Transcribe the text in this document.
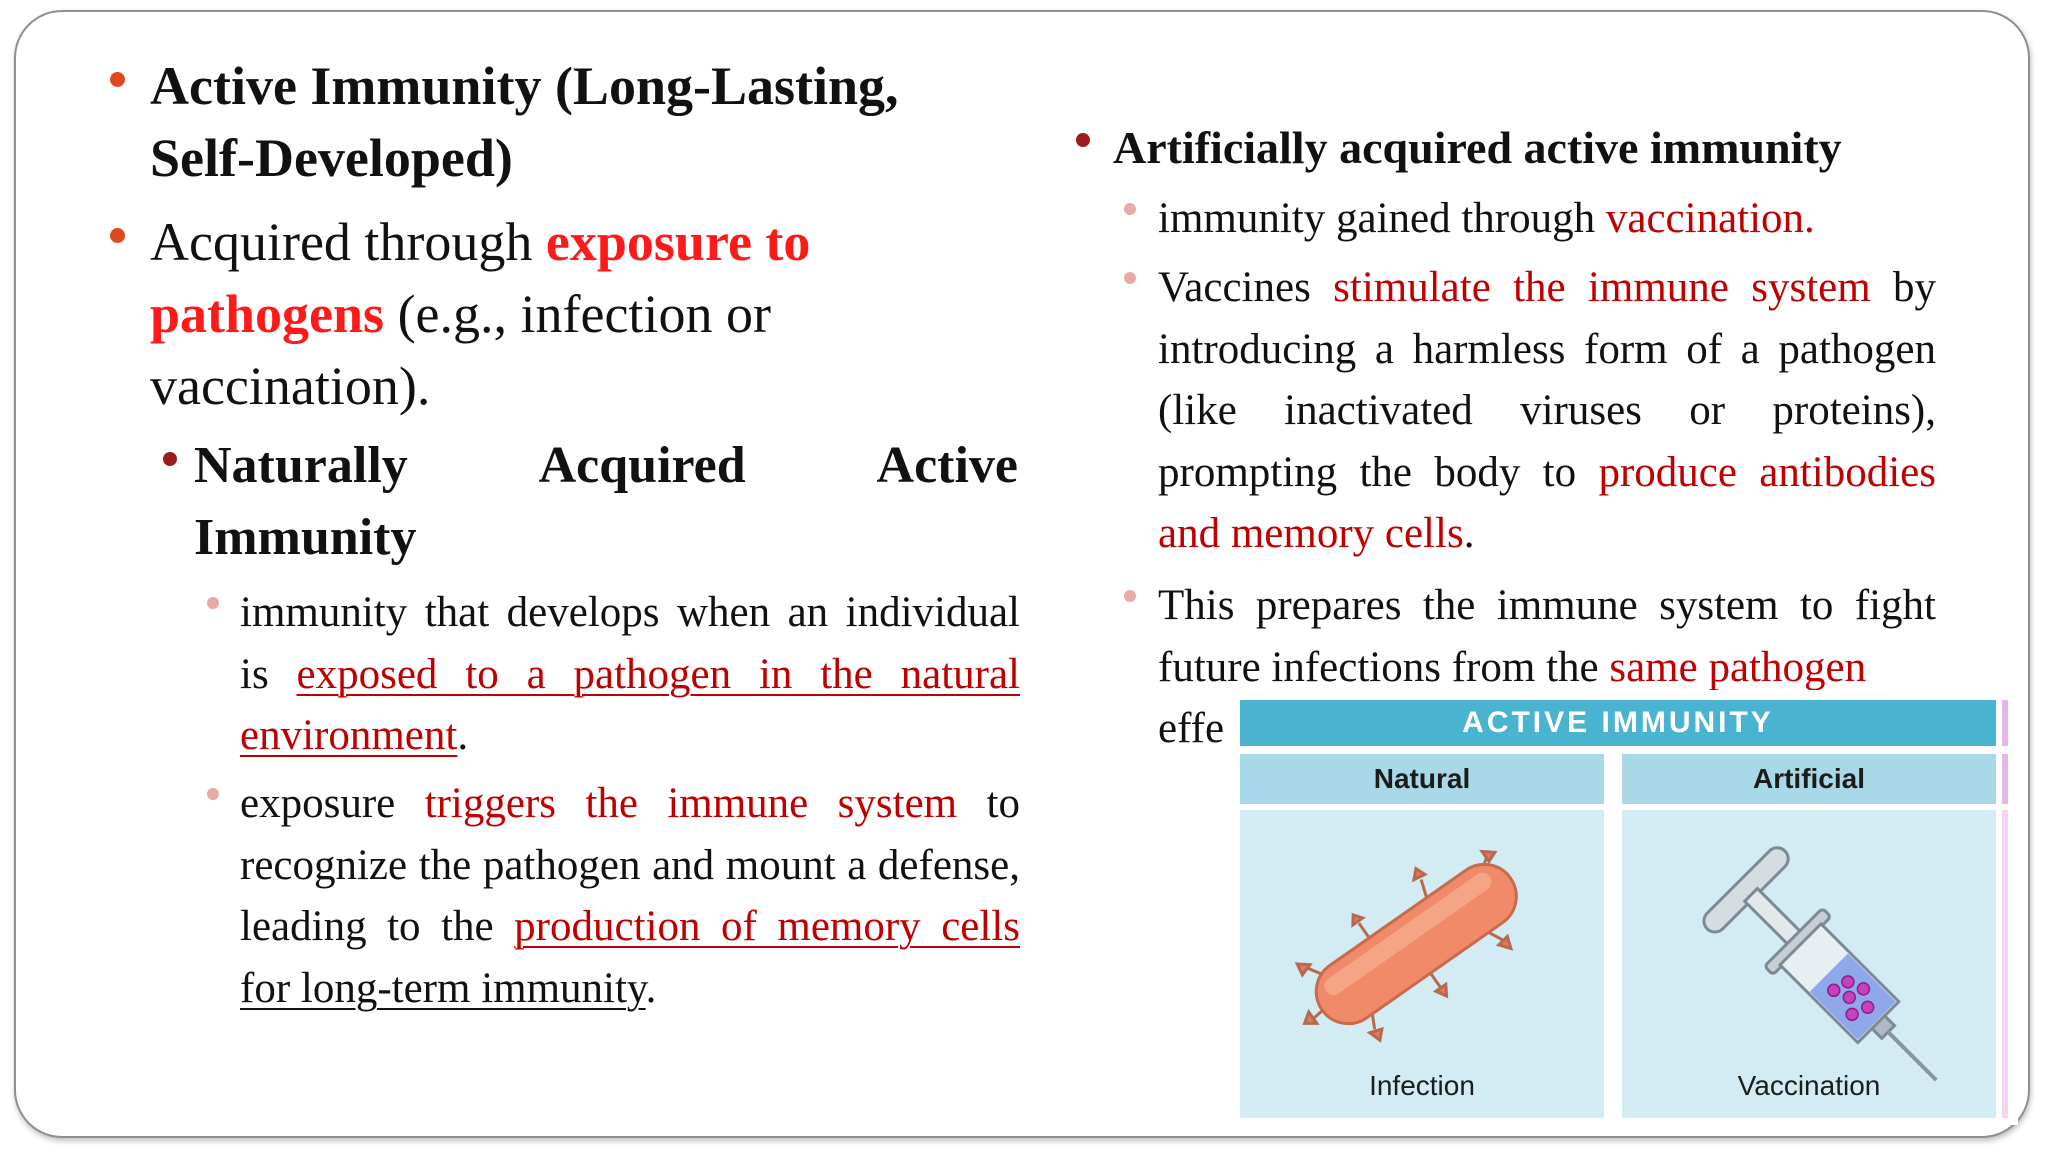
Active Immunity (Long-Lasting,
Self-Developed)
Acquired through exposure to
pathogens (e.g., infection or
vaccination).
Naturally	Acquired	Active
Immunity
immunity that develops when an individual is exposed to a pathogen in the natural environment.
exposure triggers the immune system to recognize the pathogen and mount a defense, leading to the production of memory cells for long-term immunity.
Artificially acquired active immunity
immunity gained through vaccination.
Vaccines stimulate the immune system by introducing a harmless form of a pathogen (like inactivated viruses or proteins), prompting the body to produce antibodies and memory cells.
This prepares the immune system to fight future infections from the same pathogen
effe	ACTIVE IMMUNITY
Natural	Artificial
Infection	Vaccination
